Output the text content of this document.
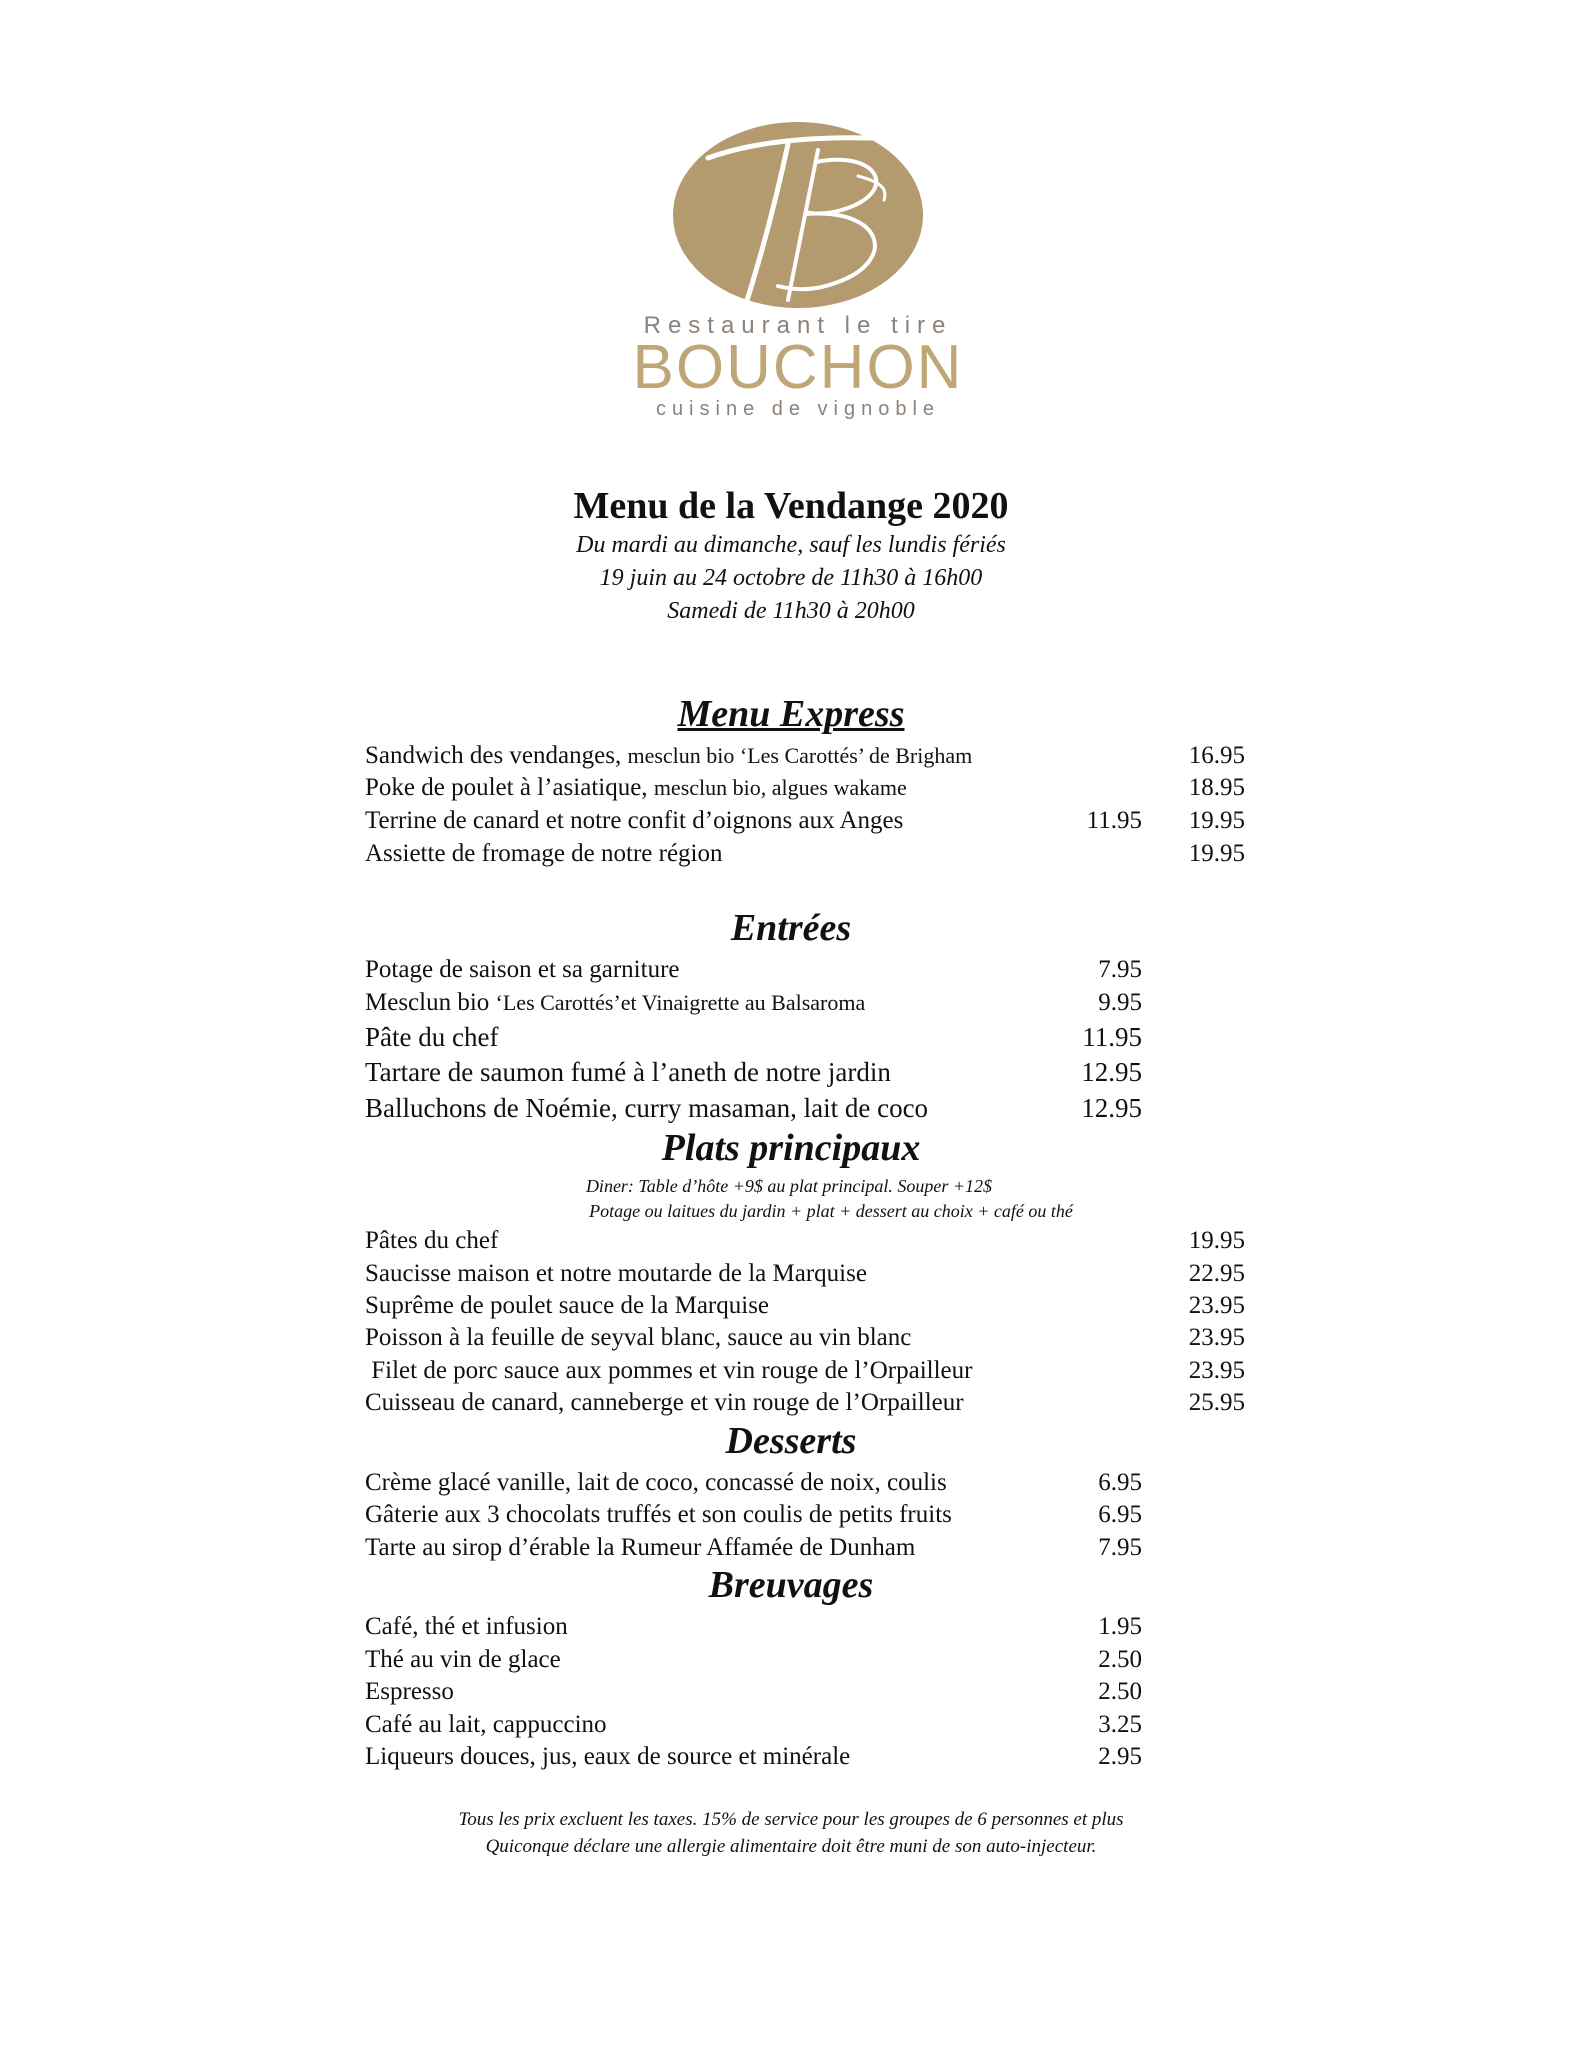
Restaurant le tire
BOUCHON
cuisine de vignoble
Menu de la Vendange 2020
Du mardi au dimanche, sauf les lundis fériés
19 juin au 24 octobre de 11h30 à 16h00
Samedi de 11h30 à 20h00
Menu Express
Sandwich des vendanges, mesclun bio ‘Les Carottés’ de Brigham	16.95
Poke de poulet à l’asiatique, mesclun bio, algues wakame	18.95
Terrine de canard et notre confit d’oignons aux Anges	11.95	19.95
Assiette de fromage de notre région	19.95
Entrées
Potage de saison et sa garniture	7.95
Mesclun bio ‘Les Carottés’et Vinaigrette au Balsaroma	9.95
Pâte du chef	11.95
Tartare de saumon fumé à l’aneth de notre jardin	12.95
Balluchons de Noémie, curry masaman, lait de coco	12.95
Plats principaux
Diner: Table d’hôte +9$ au plat principal. Souper +12$
Potage ou laitues du jardin + plat + dessert au choix + café ou thé
Pâtes du chef	19.95
Saucisse maison et notre moutarde de la Marquise	22.95
Suprême de poulet sauce de la Marquise	23.95
Poisson à la feuille de seyval blanc, sauce au vin blanc	23.95
Filet de porc sauce aux pommes et vin rouge de l’Orpailleur	23.95
Cuisseau de canard, canneberge et vin rouge de l’Orpailleur	25.95
Desserts
Crème glacé vanille, lait de coco, concassé de noix, coulis	6.95
Gâterie aux 3 chocolats truffés et son coulis de petits fruits	6.95
Tarte au sirop d’érable la Rumeur Affamée de Dunham	7.95
Breuvages
Café, thé et infusion	1.95
Thé au vin de glace	2.50
Espresso	2.50
Café au lait, cappuccino	3.25
Liqueurs douces, jus, eaux de source et minérale	2.95
Tous les prix excluent les taxes. 15% de service pour les groupes de 6 personnes et plus
Quiconque déclare une allergie alimentaire doit être muni de son auto-injecteur.
